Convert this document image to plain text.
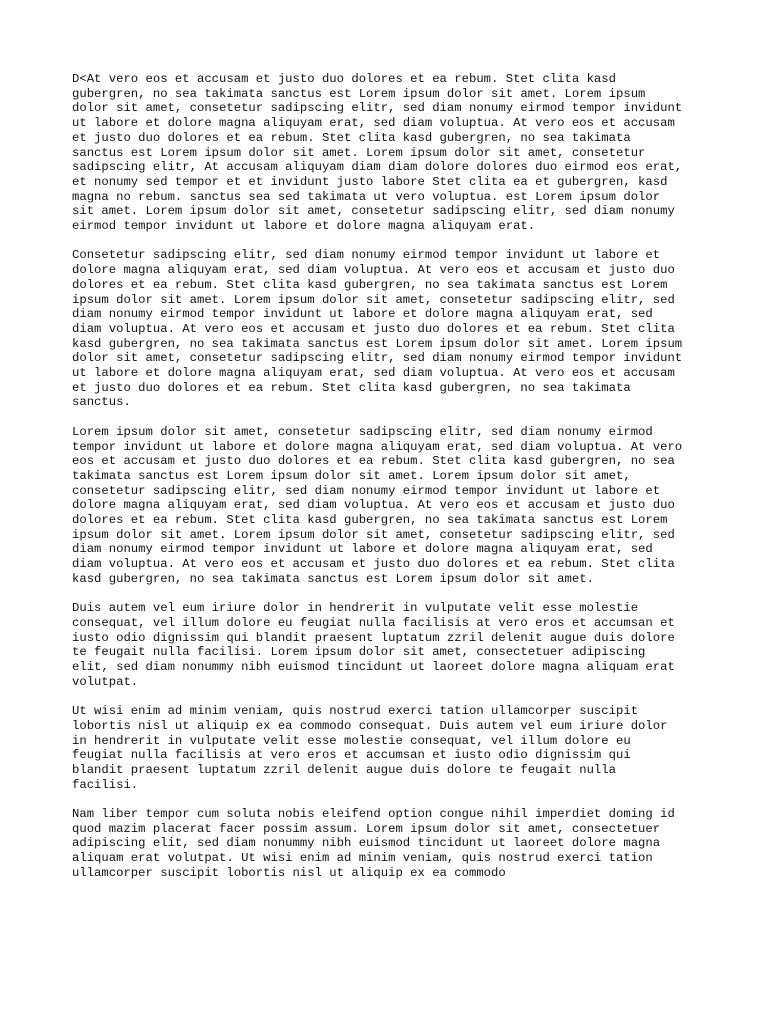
D<At vero eos et accusam et justo duo dolores et ea rebum. Stet clita kasd
gubergren, no sea takimata sanctus est Lorem ipsum dolor sit amet. Lorem ipsum
dolor sit amet, consetetur sadipscing elitr, sed diam nonumy eirmod tempor invidunt
ut labore et dolore magna aliquyam erat, sed diam voluptua. At vero eos et accusam
et justo duo dolores et ea rebum. Stet clita kasd gubergren, no sea takimata
sanctus est Lorem ipsum dolor sit amet. Lorem ipsum dolor sit amet, consetetur
sadipscing elitr, At accusam aliquyam diam diam dolore dolores duo eirmod eos erat,
et nonumy sed tempor et et invidunt justo labore Stet clita ea et gubergren, kasd
magna no rebum. sanctus sea sed takimata ut vero voluptua. est Lorem ipsum dolor
sit amet. Lorem ipsum dolor sit amet, consetetur sadipscing elitr, sed diam nonumy
eirmod tempor invidunt ut labore et dolore magna aliquyam erat.

Consetetur sadipscing elitr, sed diam nonumy eirmod tempor invidunt ut labore et
dolore magna aliquyam erat, sed diam voluptua. At vero eos et accusam et justo duo
dolores et ea rebum. Stet clita kasd gubergren, no sea takimata sanctus est Lorem
ipsum dolor sit amet. Lorem ipsum dolor sit amet, consetetur sadipscing elitr, sed
diam nonumy eirmod tempor invidunt ut labore et dolore magna aliquyam erat, sed
diam voluptua. At vero eos et accusam et justo duo dolores et ea rebum. Stet clita
kasd gubergren, no sea takimata sanctus est Lorem ipsum dolor sit amet. Lorem ipsum
dolor sit amet, consetetur sadipscing elitr, sed diam nonumy eirmod tempor invidunt
ut labore et dolore magna aliquyam erat, sed diam voluptua. At vero eos et accusam
et justo duo dolores et ea rebum. Stet clita kasd gubergren, no sea takimata
sanctus.

Lorem ipsum dolor sit amet, consetetur sadipscing elitr, sed diam nonumy eirmod
tempor invidunt ut labore et dolore magna aliquyam erat, sed diam voluptua. At vero
eos et accusam et justo duo dolores et ea rebum. Stet clita kasd gubergren, no sea
takimata sanctus est Lorem ipsum dolor sit amet. Lorem ipsum dolor sit amet,
consetetur sadipscing elitr, sed diam nonumy eirmod tempor invidunt ut labore et
dolore magna aliquyam erat, sed diam voluptua. At vero eos et accusam et justo duo
dolores et ea rebum. Stet clita kasd gubergren, no sea takimata sanctus est Lorem
ipsum dolor sit amet. Lorem ipsum dolor sit amet, consetetur sadipscing elitr, sed
diam nonumy eirmod tempor invidunt ut labore et dolore magna aliquyam erat, sed
diam voluptua. At vero eos et accusam et justo duo dolores et ea rebum. Stet clita
kasd gubergren, no sea takimata sanctus est Lorem ipsum dolor sit amet.

Duis autem vel eum iriure dolor in hendrerit in vulputate velit esse molestie
consequat, vel illum dolore eu feugiat nulla facilisis at vero eros et accumsan et
iusto odio dignissim qui blandit praesent luptatum zzril delenit augue duis dolore
te feugait nulla facilisi. Lorem ipsum dolor sit amet, consectetuer adipiscing
elit, sed diam nonummy nibh euismod tincidunt ut laoreet dolore magna aliquam erat
volutpat.

Ut wisi enim ad minim veniam, quis nostrud exerci tation ullamcorper suscipit
lobortis nisl ut aliquip ex ea commodo consequat. Duis autem vel eum iriure dolor
in hendrerit in vulputate velit esse molestie consequat, vel illum dolore eu
feugiat nulla facilisis at vero eros et accumsan et iusto odio dignissim qui
blandit praesent luptatum zzril delenit augue duis dolore te feugait nulla
facilisi.

Nam liber tempor cum soluta nobis eleifend option congue nihil imperdiet doming id
quod mazim placerat facer possim assum. Lorem ipsum dolor sit amet, consectetuer
adipiscing elit, sed diam nonummy nibh euismod tincidunt ut laoreet dolore magna
aliquam erat volutpat. Ut wisi enim ad minim veniam, quis nostrud exerci tation
ullamcorper suscipit lobortis nisl ut aliquip ex ea commodo
